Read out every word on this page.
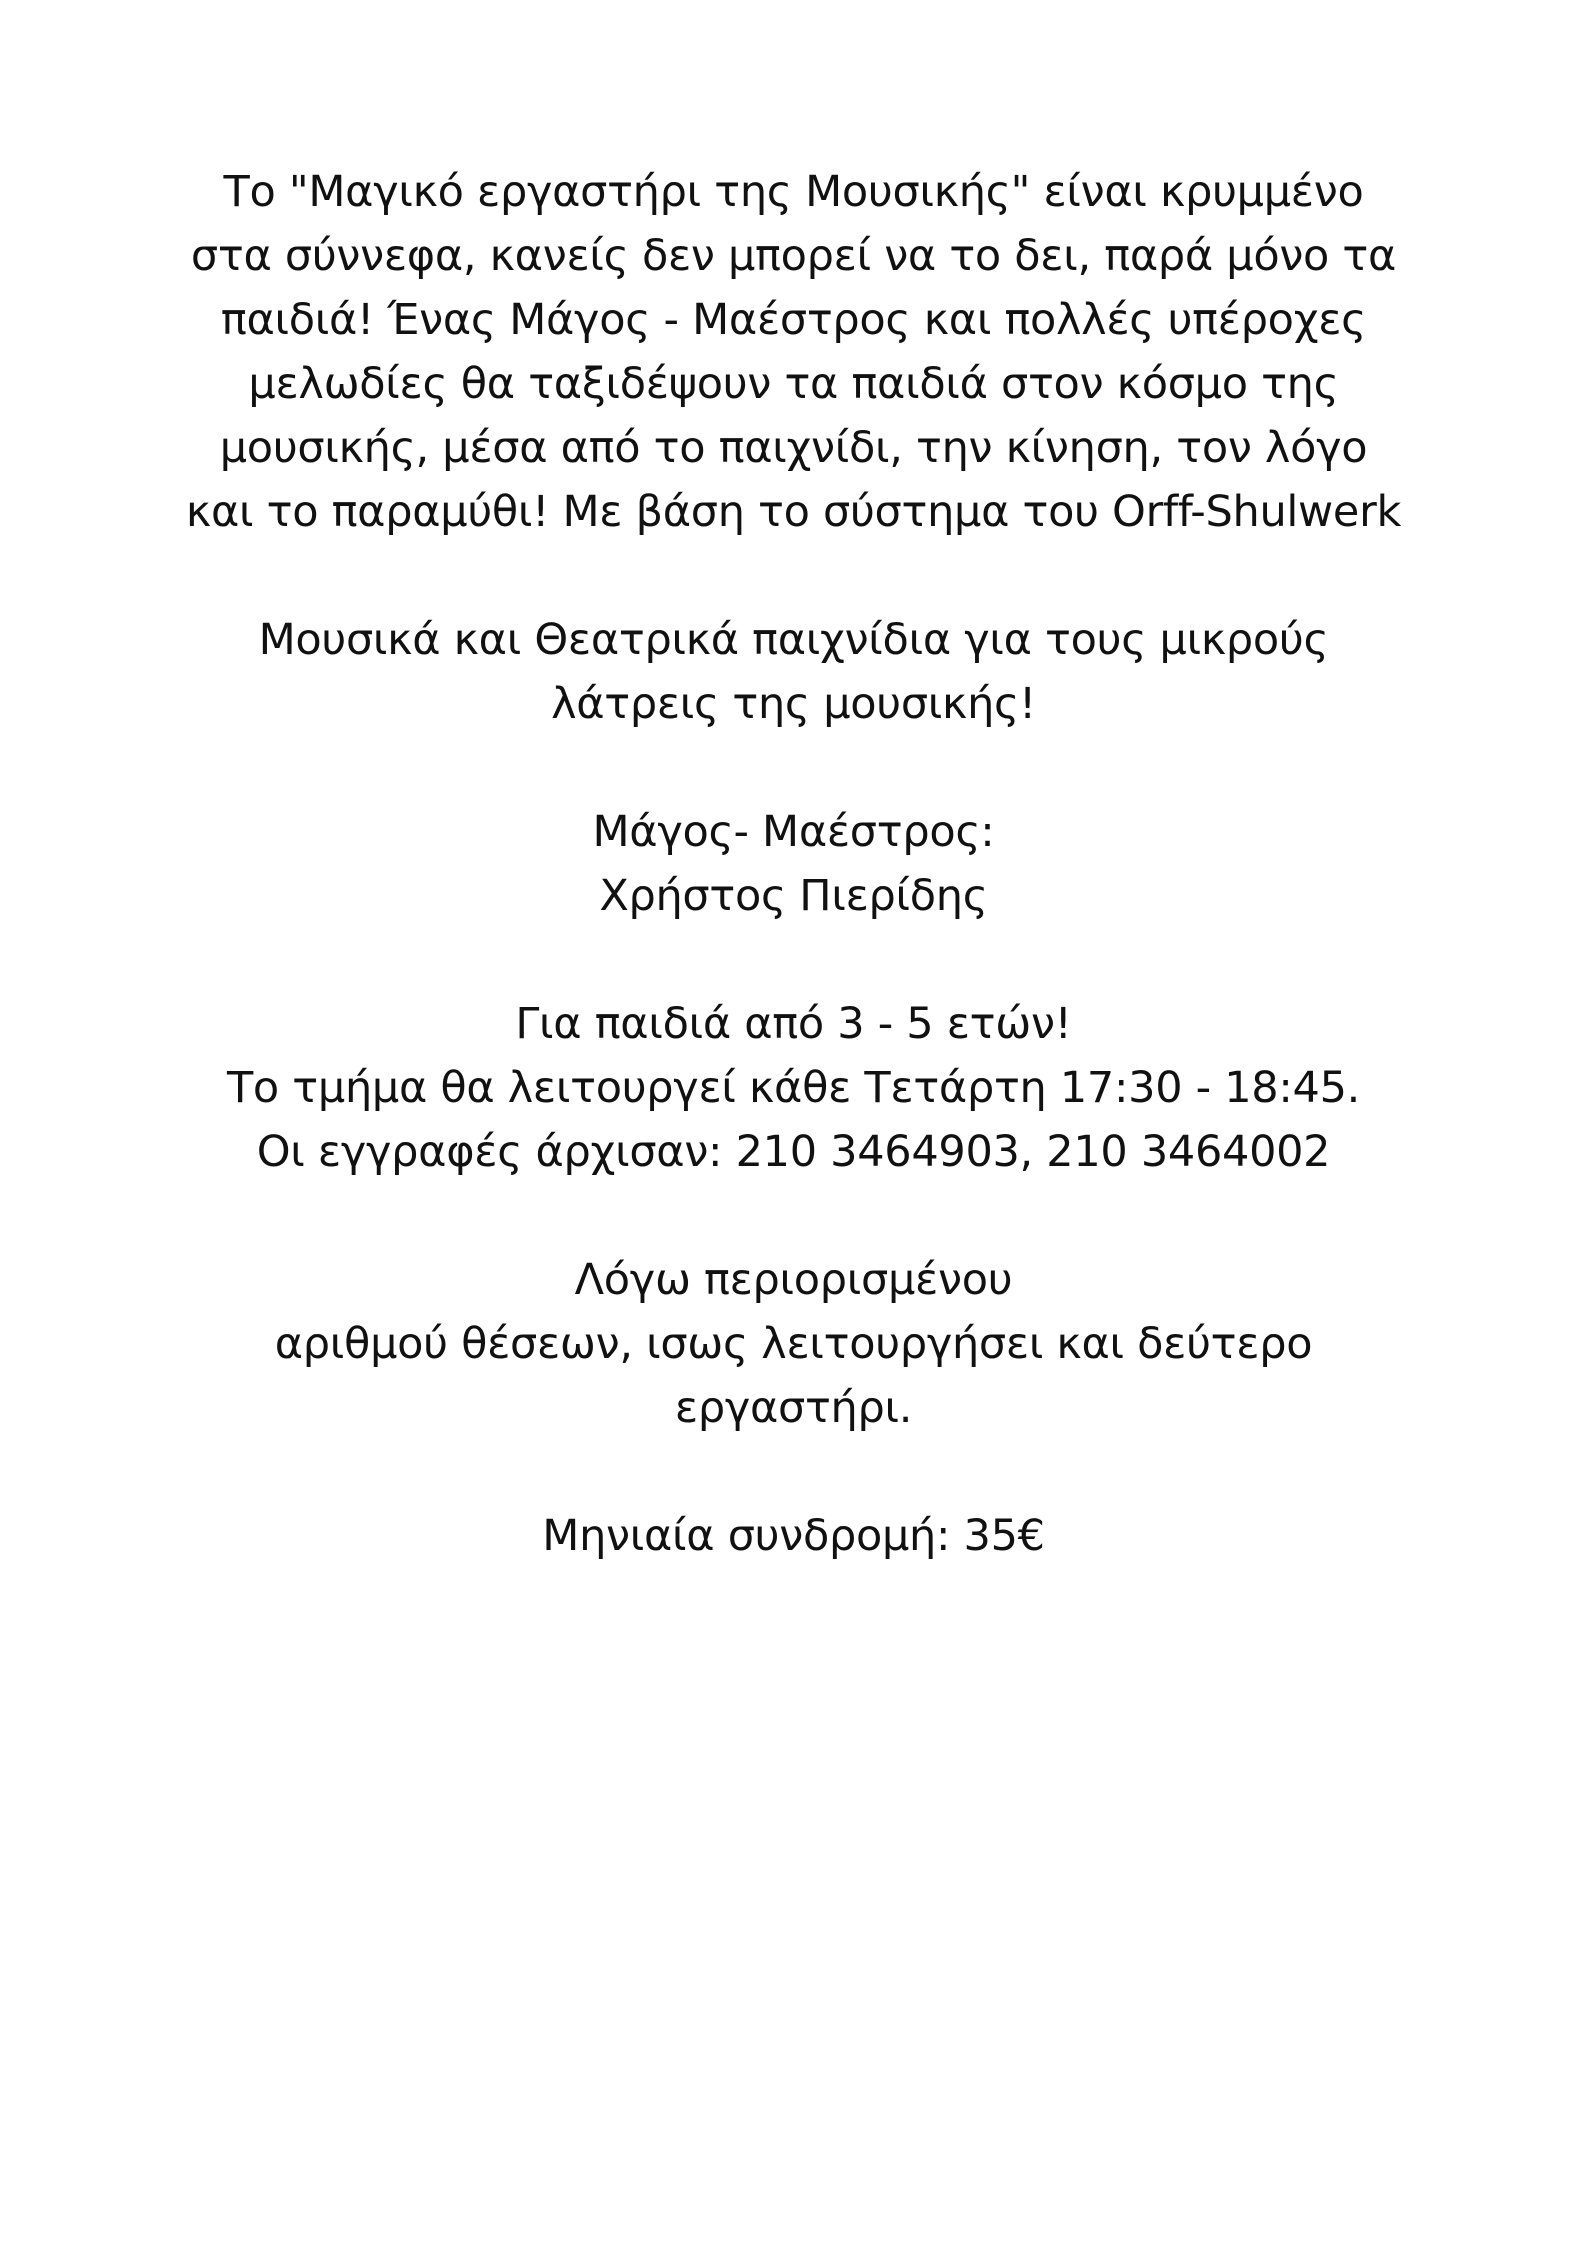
Το "Μαγικό εργαστήρι της Μουσικής" είναι κρυμμένο
στα σύννεφα, κανείς δεν μπορεί να το δει, παρά μόνο τα
παιδιά! Ένας Μάγος - Μαέστρος και πολλές υπέροχες
μελωδίες θα ταξιδέψουν τα παιδιά στον κόσμο της
μουσικής, μέσα από το παιχνίδι, την κίνηση, τον λόγο
και το παραμύθι! Με βάση το σύστημα του Orff-Shulwerk

Μουσικά και Θεατρικά παιχνίδια για τους μικρούς
λάτρεις της μουσικής!

Μάγος- Μαέστρος:
Χρήστος Πιερίδης

Για παιδιά από 3 - 5 ετών!
Το τμήμα θα λειτουργεί κάθε Τετάρτη 17:30 - 18:45.
Οι εγγραφές άρχισαν: 210 3464903, 210 3464002

Λόγω περιορισμένου
αριθμού θέσεων, ισως λειτουργήσει και δεύτερο
εργαστήρι.

Μηνιαία συνδρομή: 35€
